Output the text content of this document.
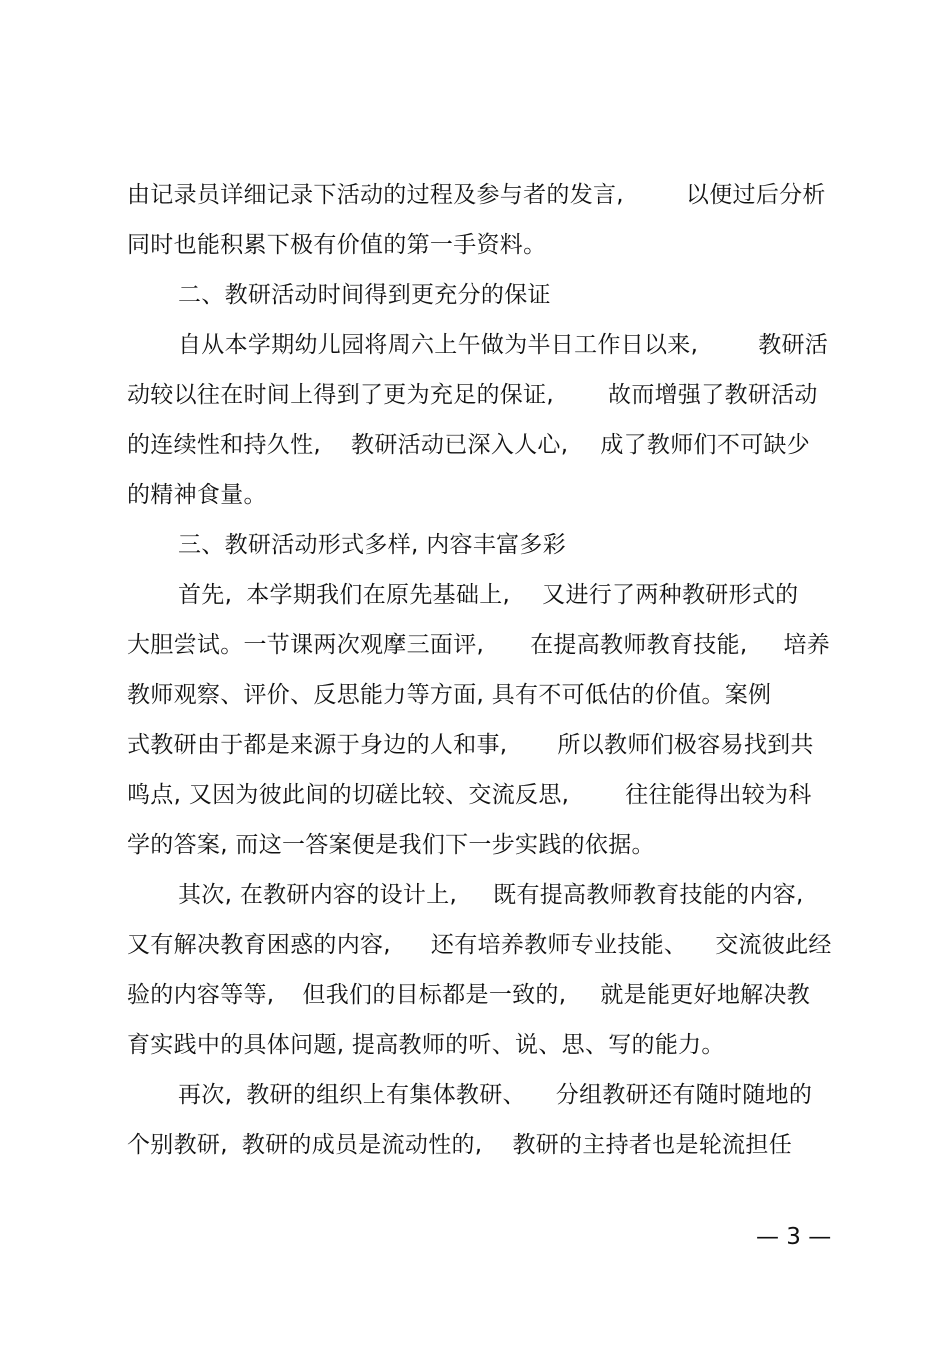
由记录员详细记录下活动的过程及参与者的发言,	以便过后分析
同时也能积累下极有价值的第一手资料。
二、教研活动时间得到更充分的保证
自从本学期幼儿园将周六上午做为半日工作日以来,	教研活
动较以往在时间上得到了更为充足的保证, 故而增强了教研活动
的连续性和持久性, 教研活动已深入人心, 成了教师们不可缺少
的精神食量。
三、教研活动形式多样, 内容丰富多彩
首先, 本学期我们在原先基础上, 又进行了两种教研形式的
大胆尝试。一节课两次观摩三面评, 在提高教师教育技能, 培养
教师观察、评价、反思能力等方面, 具有不可低估的价值。案例
式教研由于都是来源于身边的人和事, 所以教师们极容易找到共
鸣点, 又因为彼此间的切磋比较、交流反思, 往往能得出较为科
学的答案, 而这一答案便是我们下一步实践的依据。
其次, 在教研内容的设计上, 既有提高教师教育技能的内容,
又有解决教育困惑的内容, 还有培养教师专业技能、 交流彼此经
验的内容等等, 但我们的目标都是一致的, 就是能更好地解决教
育实践中的具体问题, 提高教师的听、说、思、写的能力。
再次, 教研的组织上有集体教研、 分组教研还有随时随地的
个别教研, 教研的成员是流动性的, 教研的主持者也是轮流担任
— 3 —
